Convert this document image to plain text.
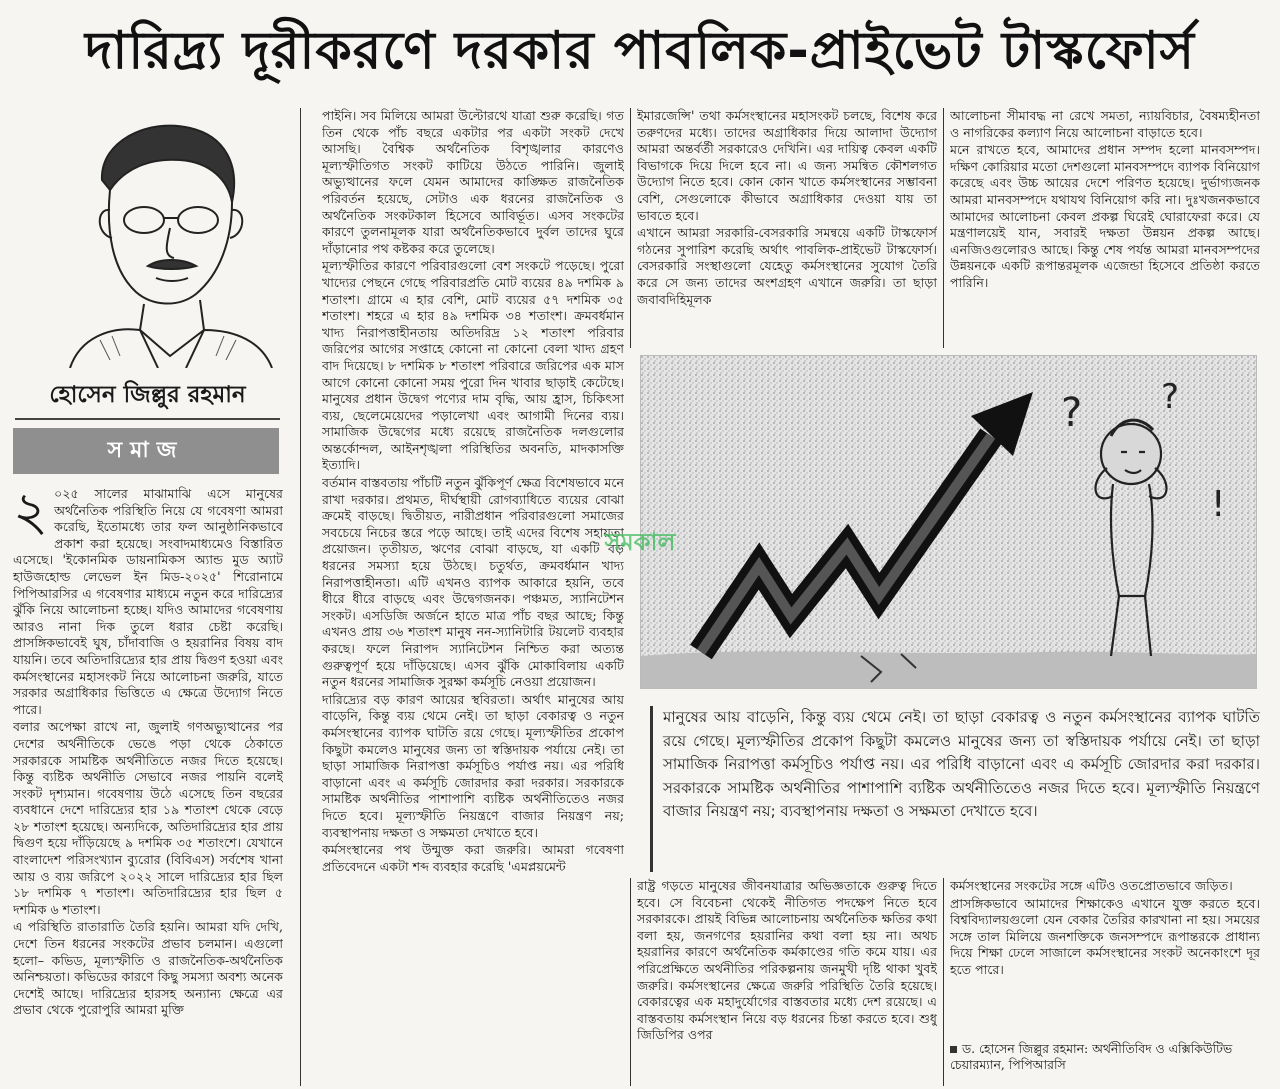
দারিদ্র্য দূরীকরণে দরকার পাবলিক-প্রাইভেট টাস্কফোর্স
হোসেন জিল্লুর রহমান
সমাজ

২ ০২৫ সালের মাঝামাঝি এসে মানুষের অর্থনৈতিক পরিস্থিতি নিয়ে যে গবেষণা আমরা করেছি, ইতোমধ্যে তার ফল আনুষ্ঠানিকভাবে প্রকাশ করা হয়েছে। সংবাদমাধ্যমেও বিস্তারিত এসেছে। 'ইকোনমিক ডায়নামিকস অ্যান্ড মুড অ্যাট হাউজহোল্ড লেভেল ইন মিড-২০২৫' শিরোনামে পিপিআরসির এ গবেষণার মাধ্যমে নতুন করে দারিদ্র্যের ঝুঁকি নিয়ে আলোচনা হচ্ছে। যদিও আমাদের গবেষণায় আরও নানা দিক তুলে ধরার চেষ্টা করেছি। প্রাসঙ্গিকভাবেই ঘুষ, চাঁদাবাজি ও হয়রানির বিষয় বাদ যায়নি। তবে অতিদারিদ্র্যের হার প্রায় দ্বিগুণ হওয়া এবং কর্মসংস্থানের মহাসংকট নিয়ে আলোচনা জরুরি, যাতে সরকার অগ্রাধিকার ভিত্তিতে এ ক্ষেত্রে উদ্যোগ নিতে পারে।

বলার অপেক্ষা রাখে না, জুলাই গণঅভ্যুত্থানের পর দেশের অর্থনীতিকে ভেঙে পড়া থেকে ঠেকাতে সরকারকে সামষ্টিক অর্থনীতিতে নজর দিতে হয়েছে। কিন্তু ব্যষ্টিক অর্থনীতি সেভাবে নজর পায়নি বলেই সংকট দৃশ্যমান। গবেষণায় উঠে এসেছে তিন বছরের ব্যবধানে দেশে দারিদ্র্যের হার ১৯ শতাংশ থেকে বেড়ে ২৮ শতাংশ হয়েছে। অন্যদিকে, অতিদারিদ্র্যের হার প্রায় দ্বিগুণ হয়ে দাঁড়িয়েছে ৯ দশমিক ৩৫ শতাংশে। যেখানে বাংলাদেশ পরিসংখ্যান ব্যুরোর (বিবিএস) সর্বশেষ খানা আয় ও ব্যয় জরিপে ২০২২ সালে দারিদ্র্যের হার ছিল ১৮ দশমিক ৭ শতাংশ। অতিদারিদ্র্যের হার ছিল ৫ দশমিক ৬ শতাংশ।

এ পরিস্থিতি রাতারাতি তৈরি হয়নি। আমরা যদি দেখি, দেশে তিন ধরনের সংকটের প্রভাব চলমান। এগুলো হলো– কভিড, মূল্যস্ফীতি ও রাজনৈতিক-অর্থনৈতিক অনিশ্চয়তা। কভিডের কারণে কিছু সমস্যা অবশ্য অনেক দেশেই আছে। দারিদ্র্যের হারসহ অন্যান্য ক্ষেত্রে এর প্রভাব থেকে পুরোপুরি আমরা মুক্তি

পাইনি। সব মিলিয়ে আমরা উল্টোরথে যাত্রা শুরু করেছি। গত তিন থেকে পাঁচ বছরে একটার পর একটা সংকট দেখে আসছি। বৈশ্বিক অর্থনৈতিক বিশৃঙ্খলার কারণেও মূল্যস্ফীতিগত সংকট কাটিয়ে উঠতে পারিনি। জুলাই অভ্যুত্থানের ফলে যেমন আমাদের কাঙ্ক্ষিত রাজনৈতিক পরিবর্তন হয়েছে, সেটাও এক ধরনের রাজনৈতিক ও অর্থনৈতিক সংকটকাল হিসেবে আবির্ভূত। এসব সংকটের কারণে তুলনামূলক যারা অর্থনৈতিকভাবে দুর্বল তাদের ঘুরে দাঁড়ানোর পথ কষ্টকর করে তুলেছে।

মূল্যস্ফীতির কারণে পরিবারগুলো বেশ সংকটে পড়েছে। পুরো খাদ্যের পেছনে গেছে পরিবারপ্রতি মোট ব্যয়ের ৪৯ দশমিক ৯ শতাংশ। গ্রামে এ হার বেশি, মোট ব্যয়ের ৫৭ দশমিক ৩৫ শতাংশ। শহরে এ হার ৪৯ দশমিক ৩৪ শতাংশ। ক্রমবর্ধমান খাদ্য নিরাপত্তাহীনতায় অতিদরিদ্র ১২ শতাংশ পরিবার জরিপের আগের সপ্তাহে কোনো না কোনো বেলা খাদ্য গ্রহণ বাদ দিয়েছে। ৮ দশমিক ৮ শতাংশ পরিবারে জরিপের এক মাস আগে কোনো কোনো সময় পুরো দিন খাবার ছাড়াই কেটেছে। মানুষের প্রধান উদ্বেগ পণ্যের দাম বৃদ্ধি, আয় হ্রাস, চিকিৎসা ব্যয়, ছেলেমেয়েদের পড়ালেখা এবং আগামী দিনের ব্যয়। সামাজিক উদ্বেগের মধ্যে রয়েছে রাজনৈতিক দলগুলোর অন্তর্কোন্দল, আইনশৃঙ্খলা পরিস্থিতির অবনতি, মাদকাসক্তি ইত্যাদি।

বর্তমান বাস্তবতায় পাঁচটি নতুন ঝুঁকিপূর্ণ ক্ষেত্র বিশেষভাবে মনে রাখা দরকার। প্রথমত, দীর্ঘস্থায়ী রোগব্যাধিতে ব্যয়ের বোঝা ক্রমেই বাড়ছে। দ্বিতীয়ত, নারীপ্রধান পরিবারগুলো সমাজের সবচেয়ে নিচের স্তরে পড়ে আছে। তাই এদের বিশেষ সহায়তা প্রয়োজন। তৃতীয়ত, ঋণের বোঝা বাড়ছে, যা একটি বড় ধরনের সমস্যা হয়ে উঠছে। চতুর্থত, ক্রমবর্ধমান খাদ্য নিরাপত্তাহীনতা। এটি এখনও ব্যাপক আকারে হয়নি, তবে ধীরে ধীরে বাড়ছে এবং উদ্বেগজনক। পঞ্চমত, স্যানিটেশন সংকট। এসডিজি অর্জনে হাতে মাত্র পাঁচ বছর আছে; কিন্তু এখনও প্রায় ৩৬ শতাংশ মানুষ নন-স্যানিটারি টয়লেট ব্যবহার করছে। ফলে নিরাপদ স্যানিটেশন নিশ্চিত করা অত্যন্ত গুরুত্বপূর্ণ হয়ে দাঁড়িয়েছে। এসব ঝুঁকি মোকাবিলায় একটি নতুন ধরনের সামাজিক সুরক্ষা কর্মসূচি নেওয়া প্রয়োজন।

দারিদ্র্যের বড় কারণ আয়ের স্থবিরতা। অর্থাৎ মানুষের আয় বাড়েনি, কিন্তু ব্যয় থেমে নেই। তা ছাড়া বেকারত্ব ও নতুন কর্মসংস্থানের ব্যাপক ঘাটতি রয়ে গেছে। মূল্যস্ফীতির প্রকোপ কিছুটা কমলেও মানুষের জন্য তা স্বস্তিদায়ক পর্যায়ে নেই। তা ছাড়া সামাজিক নিরাপত্তা কর্মসূচিও পর্যাপ্ত নয়। এর পরিধি বাড়ানো এবং এ কর্মসূচি জোরদার করা দরকার। সরকারকে সামষ্টিক অর্থনীতির পাশাপাশি ব্যষ্টিক অর্থনীতিতেও নজর দিতে হবে। মূল্যস্ফীতি নিয়ন্ত্রণে বাজার নিয়ন্ত্রণ নয়; ব্যবস্থাপনায় দক্ষতা ও সক্ষমতা দেখাতে হবে।

কর্মসংস্থানের পথ উন্মুক্ত করা জরুরি। আমরা গবেষণা প্রতিবেদনে একটা শব্দ ব্যবহার করেছি 'এমপ্লয়মেন্ট

ইমারজেন্সি' তথা কর্মসংস্থানের মহাসংকট চলছে, বিশেষ করে তরুণদের মধ্যে। তাদের অগ্রাধিকার দিয়ে আলাদা উদ্যোগ আমরা অন্তর্বর্তী সরকারেও দেখিনি। এর দায়িত্ব কেবল একটি বিভাগকে দিয়ে দিলে হবে না। এ জন্য সমন্বিত কৌশলগত উদ্যোগ নিতে হবে। কোন কোন খাতে কর্মসংস্থানের সম্ভাবনা বেশি, সেগুলোকে কীভাবে অগ্রাধিকার দেওয়া যায় তা ভাবতে হবে।

এখানে আমরা সরকারি-বেসরকারি সমন্বয়ে একটি টাস্কফোর্স গঠনের সুপারিশ করেছি অর্থাৎ পাবলিক-প্রাইভেট টাস্কফোর্স। বেসরকারি সংস্থাগুলো যেহেতু কর্মসংস্থানের সুযোগ তৈরি করে সে জন্য তাদের অংশগ্রহণ এখানে জরুরি। তা ছাড়া জবাবদিহিমূলক

আলোচনা সীমাবদ্ধ না রেখে সমতা, ন্যায়বিচার, বৈষম্যহীনতা ও নাগরিকের কল্যাণ নিয়ে আলোচনা বাড়াতে হবে।

মনে রাখতে হবে, আমাদের প্রধান সম্পদ হলো মানবসম্পদ। দক্ষিণ কোরিয়ার মতো দেশগুলো মানবসম্পদে ব্যাপক বিনিয়োগ করেছে এবং উচ্চ আয়ের দেশে পরিণত হয়েছে। দুর্ভাগ্যজনক আমরা মানবসম্পদে যথাযথ বিনিয়োগ করি না। দুঃখজনকভাবে আমাদের আলোচনা কেবল প্রকল্প ঘিরেই ঘোরাফেরা করে। যে মন্ত্রণালয়েই যান, সবারই দক্ষতা উন্নয়ন প্রকল্প আছে। এনজিওগুলোরও আছে। কিন্তু শেষ পর্যন্ত আমরা মানবসম্পদের উন্নয়নকে একটি রূপান্তরমূলক এজেন্ডা হিসেবে প্রতিষ্ঠা করতে পারিনি।

? ?
!
সমকাল
মানুষের আয় বাড়েনি, কিন্তু ব্যয় থেমে নেই। তা ছাড়া বেকারত্ব ও নতুন কর্মসংস্থানের ব্যাপক ঘাটতি রয়ে গেছে। মূল্যস্ফীতির প্রকোপ কিছুটা কমলেও মানুষের জন্য তা স্বস্তিদায়ক পর্যায়ে নেই। তা ছাড়া সামাজিক নিরাপত্তা কর্মসূচিও পর্যাপ্ত নয়। এর পরিধি বাড়ানো এবং এ কর্মসূচি জোরদার করা দরকার। সরকারকে সামষ্টিক অর্থনীতির পাশাপাশি ব্যষ্টিক অর্থনীতিতেও নজর দিতে হবে। মূল্যস্ফীতি নিয়ন্ত্রণে বাজার নিয়ন্ত্রণ নয়; ব্যবস্থাপনায় দক্ষতা ও সক্ষমতা দেখাতে হবে।

রাষ্ট্র গড়তে মানুষের জীবনযাত্রার অভিজ্ঞতাকে গুরুত্ব দিতে হবে। সে বিবেচনা থেকেই নীতিগত পদক্ষেপ নিতে হবে সরকারকে। প্রায়ই বিভিন্ন আলোচনায় অর্থনৈতিক ক্ষতির কথা বলা হয়, জনগণের হয়রানির কথা বলা হয় না। অথচ হয়রানির কারণে অর্থনৈতিক কর্মকাণ্ডের গতি কমে যায়। এর পরিপ্রেক্ষিতে অর্থনীতির পরিকল্পনায় জনমুখী দৃষ্টি থাকা খুবই জরুরি। কর্মসংস্থানের ক্ষেত্রে জরুরি পরিস্থিতি তৈরি হয়েছে। বেকারত্বের এক মহাদুর্যোগের বাস্তবতার মধ্যে দেশ রয়েছে। এ বাস্তবতায় কর্মসংস্থান নিয়ে বড় ধরনের চিন্তা করতে হবে। শুধু জিডিপির ওপর

কর্মসংস্থানের সংকটের সঙ্গে এটিও ওতপ্রোতভাবে জড়িত।

প্রাসঙ্গিকভাবে আমাদের শিক্ষাকেও এখানে যুক্ত করতে হবে। বিশ্ববিদ্যালয়গুলো যেন বেকার তৈরির কারখানা না হয়। সময়ের সঙ্গে তাল মিলিয়ে জনশক্তিকে জনসম্পদে রূপান্তরকে প্রাধান্য দিয়ে শিক্ষা ঢেলে সাজালে কর্মসংস্থানের সংকট অনেকাংশে দূর হতে পারে।

ড. হোসেন জিল্লুর রহমান: অর্থনীতিবিদ ও এক্সিকিউটিভ চেয়ারম্যান, পিপিআরসি
